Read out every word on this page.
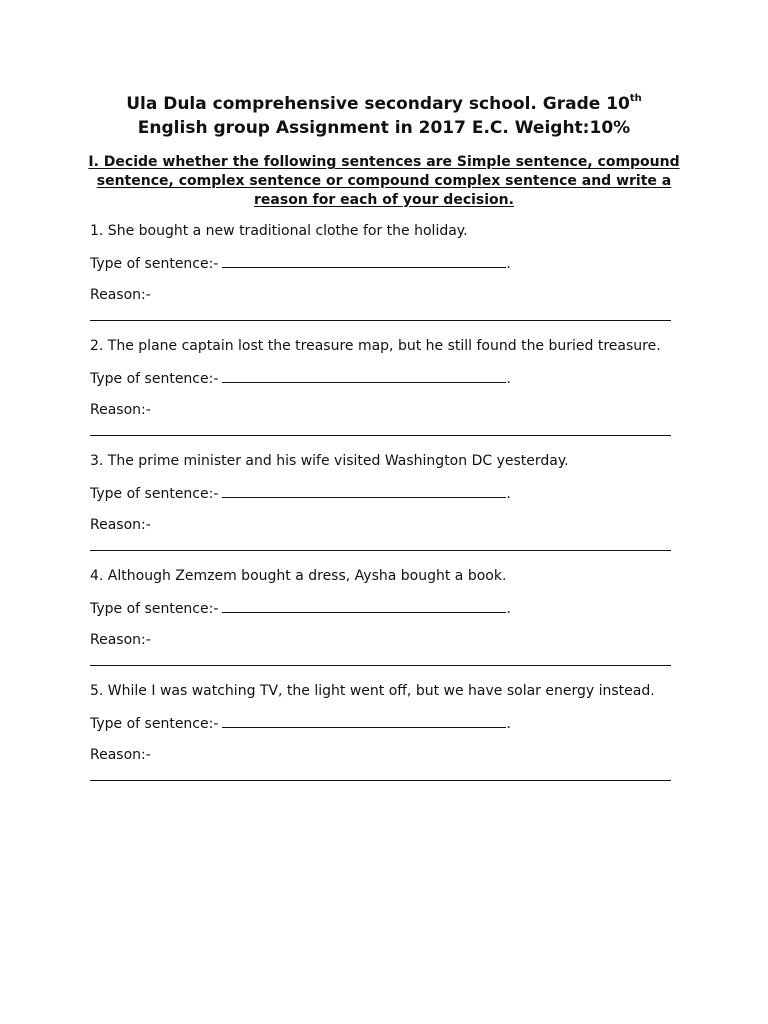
Ula Dula comprehensive secondary school. Grade 10th
English group Assignment in 2017 E.C. Weight:10%
I. Decide whether the following sentences are Simple sentence, compound sentence, complex sentence or compound complex sentence and write a reason for each of your decision.
1. She bought a new traditional clothe for the holiday.
Type of sentence:-	.
Reason:-
2. The plane captain lost the treasure map, but he still found the buried treasure.
Type of sentence:-	.
Reason:-
3. The prime minister and his wife visited Washington DC yesterday.
Type of sentence:-	.
Reason:-
4. Although Zemzem bought a dress, Aysha bought a book.
Type of sentence:-	.
Reason:-
5. While I was watching TV, the light went off, but we have solar energy instead.
Type of sentence:-	.
Reason:-
